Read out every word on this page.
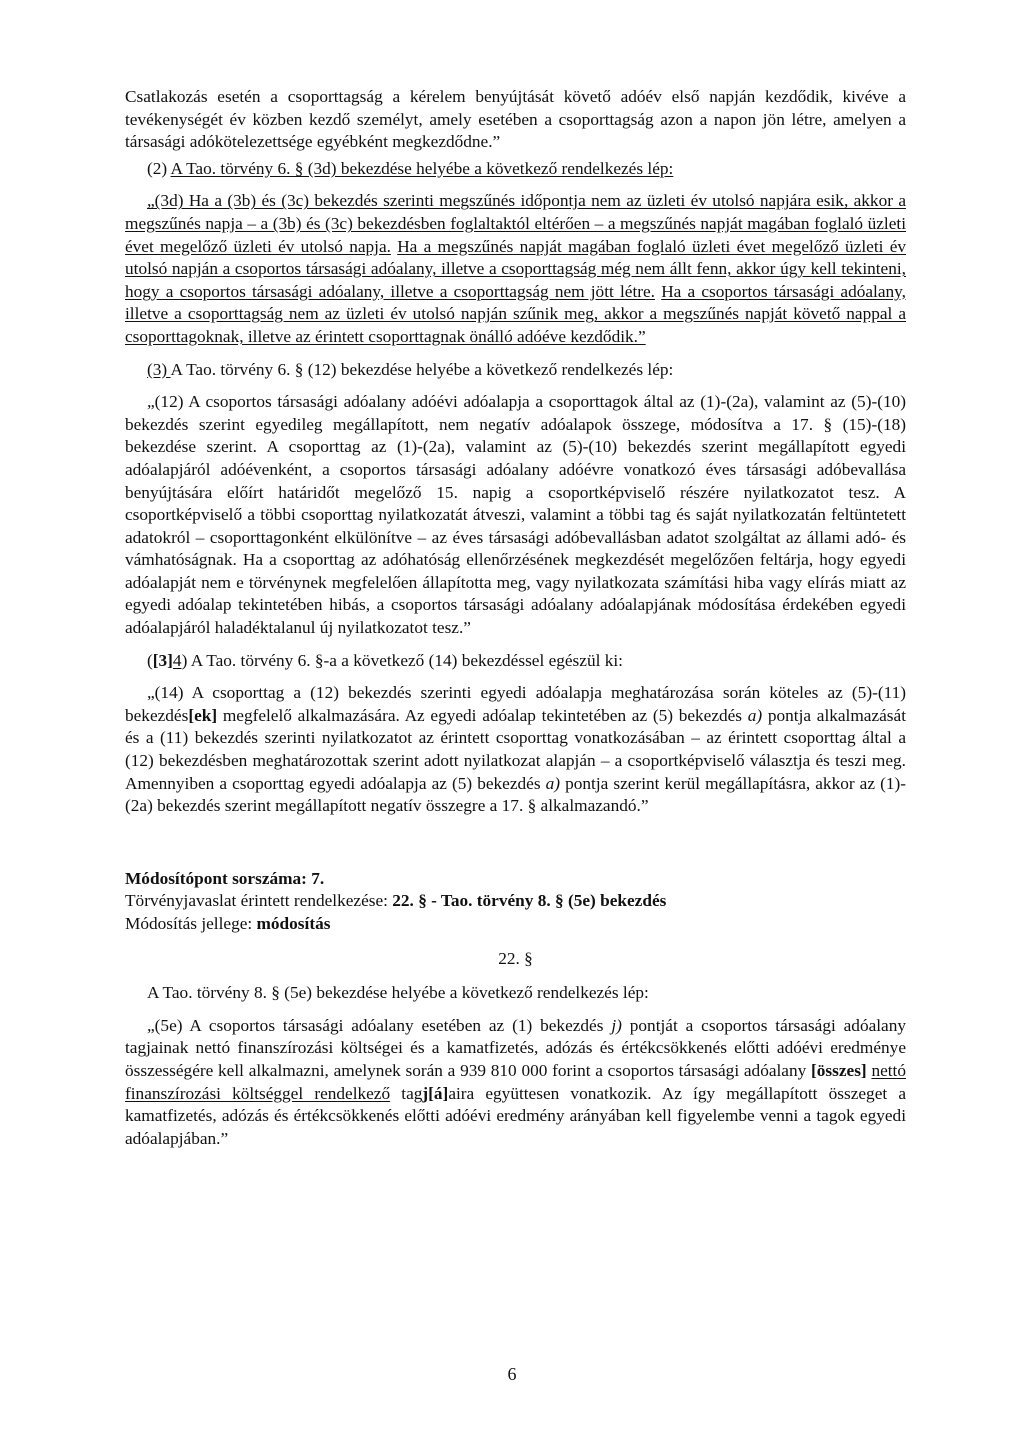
Csatlakozás esetén a csoporttagság a kérelem benyújtását követő adóév első napján kezdődik, kivéve a tevékenységét év közben kezdő személyt, amely esetében a csoporttagság azon a napon jön létre, amelyen a társasági adókötelezettsége egyébként megkezdődne.”

(2) A Tao. törvény 6. § (3d) bekezdése helyébe a következő rendelkezés lép:

„(3d) Ha a (3b) és (3c) bekezdés szerinti megszűnés időpontja nem az üzleti év utolsó napjára esik, akkor a megszűnés napja – a (3b) és (3c) bekezdésben foglaltaktól eltérően – a megszűnés napját magában foglaló üzleti évet megelőző üzleti év utolsó napja. Ha a megszűnés napját magában foglaló üzleti évet megelőző üzleti év utolsó napján a csoportos társasági adóalany, illetve a csoporttagság még nem állt fenn, akkor úgy kell tekinteni, hogy a csoportos társasági adóalany, illetve a csoporttagság nem jött létre. Ha a csoportos társasági adóalany, illetve a csoporttagság nem az üzleti év utolsó napján szűnik meg, akkor a megszűnés napját követő nappal a csoporttagoknak, illetve az érintett csoporttagnak önálló adóéve kezdődik.”

(3) A Tao. törvény 6. § (12) bekezdése helyébe a következő rendelkezés lép:

„(12) A csoportos társasági adóalany adóévi adóalapja a csoporttagok által az (1)-(2a), valamint az (5)-(10) bekezdés szerint egyedileg megállapított, nem negatív adóalapok összege, módosítva a 17. § (15)-(18) bekezdése szerint. A csoporttag az (1)-(2a), valamint az (5)-(10) bekezdés szerint megállapított egyedi adóalapjáról adóévenként, a csoportos társasági adóalany adóévre vonatkozó éves társasági adóbevallása benyújtására előírt határidőt megelőző 15. napig a csoportképviselő részére nyilatkozatot tesz. A csoportképviselő a többi csoporttag nyilatkozatát átveszi, valamint a többi tag és saját nyilatkozatán feltüntetett adatokról – csoporttagonként elkülönítve – az éves társasági adóbevallásban adatot szolgáltat az állami adó- és vámhatóságnak. Ha a csoporttag az adóhatóság ellenőrzésének megkezdését megelőzően feltárja, hogy egyedi adóalapját nem e törvénynek megfelelően állapította meg, vagy nyilatkozata számítási hiba vagy elírás miatt az egyedi adóalap tekintetében hibás, a csoportos társasági adóalany adóalapjának módosítása érdekében egyedi adóalapjáról haladéktalanul új nyilatkozatot tesz.”

([3]4) A Tao. törvény 6. §-a a következő (14) bekezdéssel egészül ki:

„(14) A csoporttag a (12) bekezdés szerinti egyedi adóalapja meghatározása során köteles az (5)-(11) bekezdés[ek] megfelelő alkalmazására. Az egyedi adóalap tekintetében az (5) bekezdés a) pontja alkalmazását és a (11) bekezdés szerinti nyilatkozatot az érintett csoporttag vonatkozásában – az érintett csoporttag által a (12) bekezdésben meghatározottak szerint adott nyilatkozat alapján – a csoportképviselő választja és teszi meg. Amennyiben a csoporttag egyedi adóalapja az (5) bekezdés a) pontja szerint kerül megállapításra, akkor az (1)-(2a) bekezdés szerint megállapított negatív összegre a 17. § alkalmazandó.”

Módosítópont sorszáma: 7.

Törvényjavaslat érintett rendelkezése: 22. § - Tao. törvény 8. § (5e) bekezdés

Módosítás jellege: módosítás

22. §

A Tao. törvény 8. § (5e) bekezdése helyébe a következő rendelkezés lép:

„(5e) A csoportos társasági adóalany esetében az (1) bekezdés j) pontját a csoportos társasági adóalany tagjainak nettó finanszírozási költségei és a kamatfizetés, adózás és értékcsökkenés előtti adóévi eredménye összességére kell alkalmazni, amelynek során a 939 810 000 forint a csoportos társasági adóalany [összes] nettó finanszírozási költséggel rendelkező tagj[á]aira együttesen vonatkozik. Az így megállapított összeget a kamatfizetés, adózás és értékcsökkenés előtti adóévi eredmény arányában kell figyelembe venni a tagok egyedi adóalapjában.”

6
